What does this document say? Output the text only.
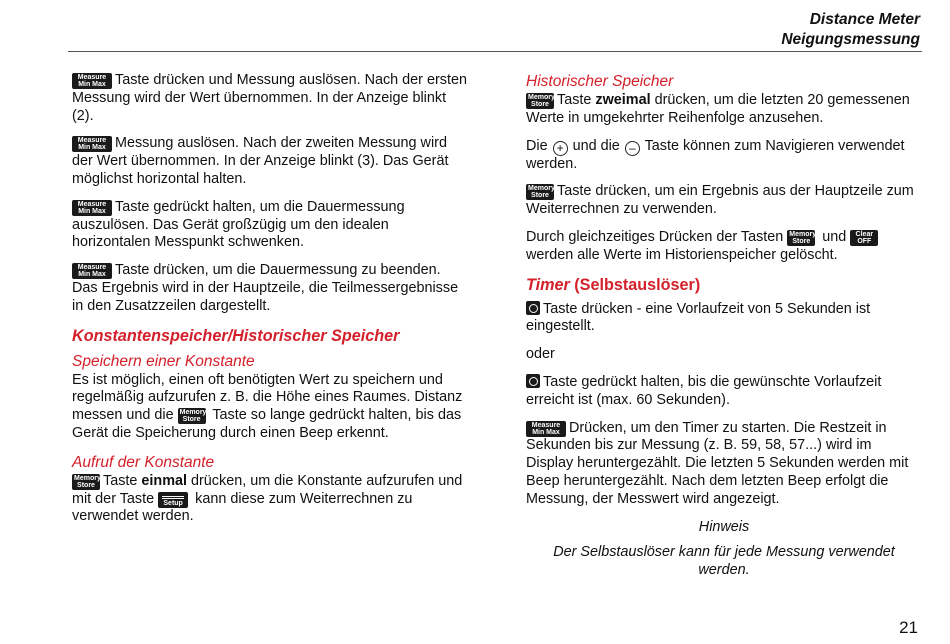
Distance Meter
Neigungsmessung

Measure
Min Max Taste drücken und Messung auslösen. Nach der ersten Messung wird der Wert übernommen. In der Anzeige blinkt (2).

Measure
Min Max Messung auslösen. Nach der zweiten Messung wird der Wert übernommen. In der Anzeige blinkt (3). Das Gerät möglichst horizontal halten.

Measure
Min Max Taste gedrückt halten, um die Dauermessung auszulösen. Das Gerät großzügig um den idealen horizontalen Messpunkt schwenken.

Measure
Min Max Taste drücken, um die Dauermessung zu beenden. Das Ergebnis wird in der Hauptzeile, die Teilmessergebnisse in den Zusatzzeilen dargestellt.

Konstantenspeicher/Historischer Speicher
Speichern einer Konstante

Es ist möglich, einen oft benötigten Wert zu speichern und regelmäßig aufzurufen z. B. die Höhe eines Raumes. Distanz messen und die Memory
Store Taste so lange gedrückt halten, bis das Gerät die Speicherung durch einen Beep erkennt.

Aufruf der Konstante

Memory
Store Taste einmal drücken, um die Konstante aufzurufen und mit der Taste	Setup kann diese zum Weiterrechnen zu verwendet werden.

Historischer Speicher

Memory
Store Taste zweimal drücken, um die letzten 20 gemessenen Werte in umgekehrter Reihenfolge anzusehen.

Die + und die – Taste können zum Navigieren verwendet werden.

Memory
Store Taste drücken, um ein Ergebnis aus der Hauptzeile zum Weiterrechnen zu verwenden.

Durch gleichzeitiges Drücken der Tasten Memory
Store und	Clear
OFF
werden alle Werte im Historienspeicher gelöscht.

Timer (Selbstauslöser)

Taste drücken - eine Vorlaufzeit von 5 Sekunden ist eingestellt.

oder

Taste gedrückt halten, bis die gewünschte Vorlaufzeit erreicht ist (max. 60 Sekunden).

Measure
Min Max Drücken, um den Timer zu starten. Die Restzeit in Sekunden bis zur Messung (z. B. 59, 58, 57...) wird im Display heruntergezählt. Die letzten 5 Sekunden werden mit Beep heruntergezählt. Nach dem letzten Beep erfolgt die Messung, der Messwert wird angezeigt.

Hinweis
Der Selbstauslöser kann für jede Messung verwendet werden.
21
